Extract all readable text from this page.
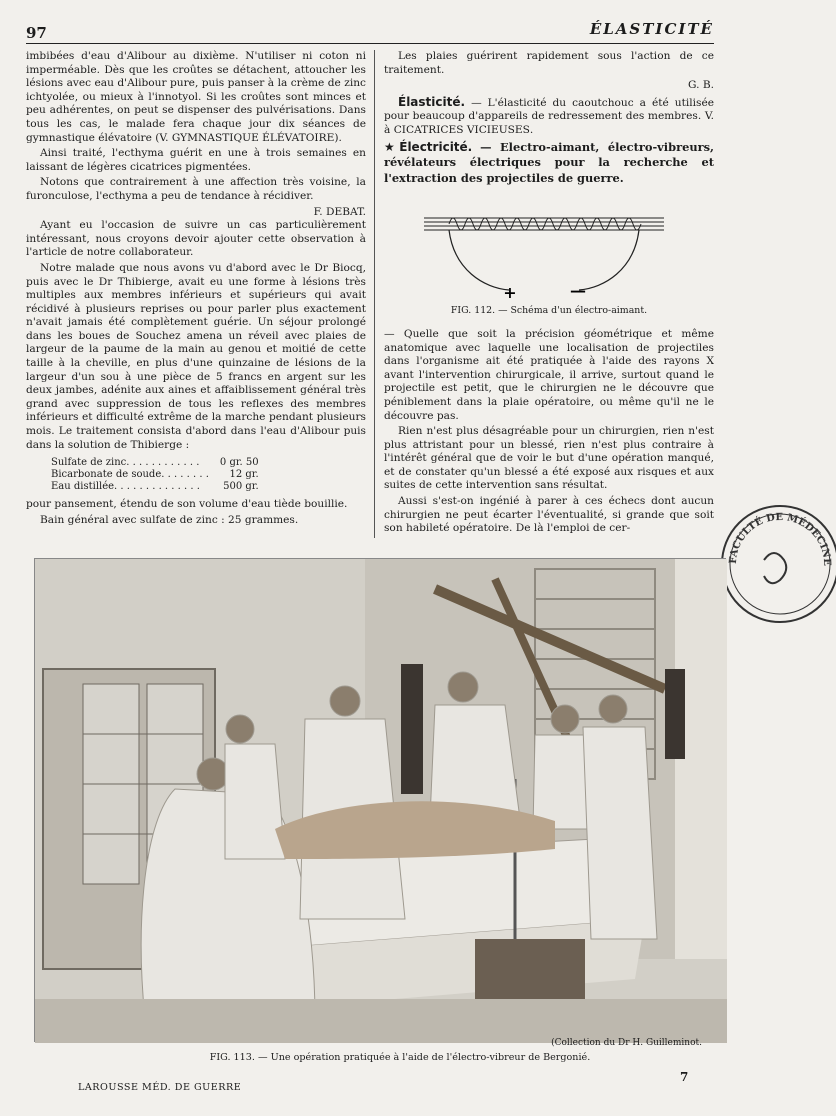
97	ÉLASTICITÉ

imbibées d'eau d'Alibour au dixième. N'utiliser ni coton ni imperméable. Dès que les croûtes se détachent, attoucher les lésions avec eau d'Alibour pure, puis panser à la crème de zinc ichtyolée, ou mieux à l'innotyol. Si les croûtes sont minces et peu adhérentes, on peut se dispenser des pulvérisations. Dans tous les cas, le malade fera chaque jour dix séances de gymnastique élévatoire (V. GYMNASTIQUE ÉLÉVATOIRE).

Ainsi traité, l'ecthyma guérit en une à trois semaines en laissant de légères cicatrices pigmentées.

Notons que contrairement à une affection très voisine, la furonculose, l'ecthyma a peu de tendance à récidiver.

F. DEBAT.

Ayant eu l'occasion de suivre un cas particulièrement intéressant, nous croyons devoir ajouter cette observation à l'article de notre collaborateur.

Notre malade que nous avons vu d'abord avec le Dr Biocq, puis avec le Dr Thibierge, avait eu une forme à lésions très multiples aux membres inférieurs et supérieurs qui avait récidivé à plusieurs reprises ou pour parler plus exactement n'avait jamais été complètement guérie. Un séjour prolongé dans les boues de Souchez amena un réveil avec plaies de largeur de la paume de la main au genou et moitié de cette taille à la cheville, en plus d'une quinzaine de lésions de la largeur d'un sou à une pièce de 5 francs en argent sur les deux jambes, adénite aux aines et affaiblissement général très grand avec suppression de tous les reflexes des membres inférieurs et difficulté extrême de la marche pendant plusieurs mois. Le traitement consista d'abord dans l'eau d'Alibour puis dans la solution de Thibierge :

Sulfate de zinc. . . . . . . . . . . .	0 gr. 50
Bicarbonate de soude. . . . . . . .	12 gr.
Eau distillée. . . . . . . . . . . . . .	500 gr.

pour pansement, étendu de son volume d'eau tiède bouillie.

Bain général avec sulfate de zinc : 25 grammes.

Les plaies guérirent rapidement sous l'action de ce traitement.

G. B.

Élasticité. — L'élasticité du caoutchouc a été utilisée pour beaucoup d'appareils de redressement des membres. V. à CICATRICES VICIEUSES.

★Électricité. — Electro-aimant, électro-vibreurs, révélateurs électriques pour la recherche et l'extraction des projectiles de guerre.

+	—
FIG. 112. — Schéma d'un électro-aimant.

— Quelle que soit la précision géométrique et même anatomique avec laquelle une localisation de projectiles dans l'organisme ait été pratiquée à l'aide des rayons X avant l'intervention chirurgicale, il arrive, surtout quand le projectile est petit, que le chirurgien ne le découvre que péniblement dans la plaie opératoire, ou même qu'il ne le découvre pas.

Rien n'est plus désagréable pour un chirurgien, rien n'est plus attristant pour un blessé, rien n'est plus contraire à l'intérêt général que de voir le but d'une opération manqué, et de constater qu'un blessé a été exposé aux risques et aux suites de cette intervention sans résultat.

Aussi s'est-on ingénié à parer à ces échecs dont aucun chirurgien ne peut écarter l'éventualité, si grande que soit son habileté opératoire. De là l'emploi de cer-

FACULTÉ DE MÉDECINE
(Collection du Dr H. Guilleminot.
FIG. 113. — Une opération pratiquée à l'aide de l'électro-vibreur de Bergonié.
LAROUSSE MÉD. DE GUERRE
7
